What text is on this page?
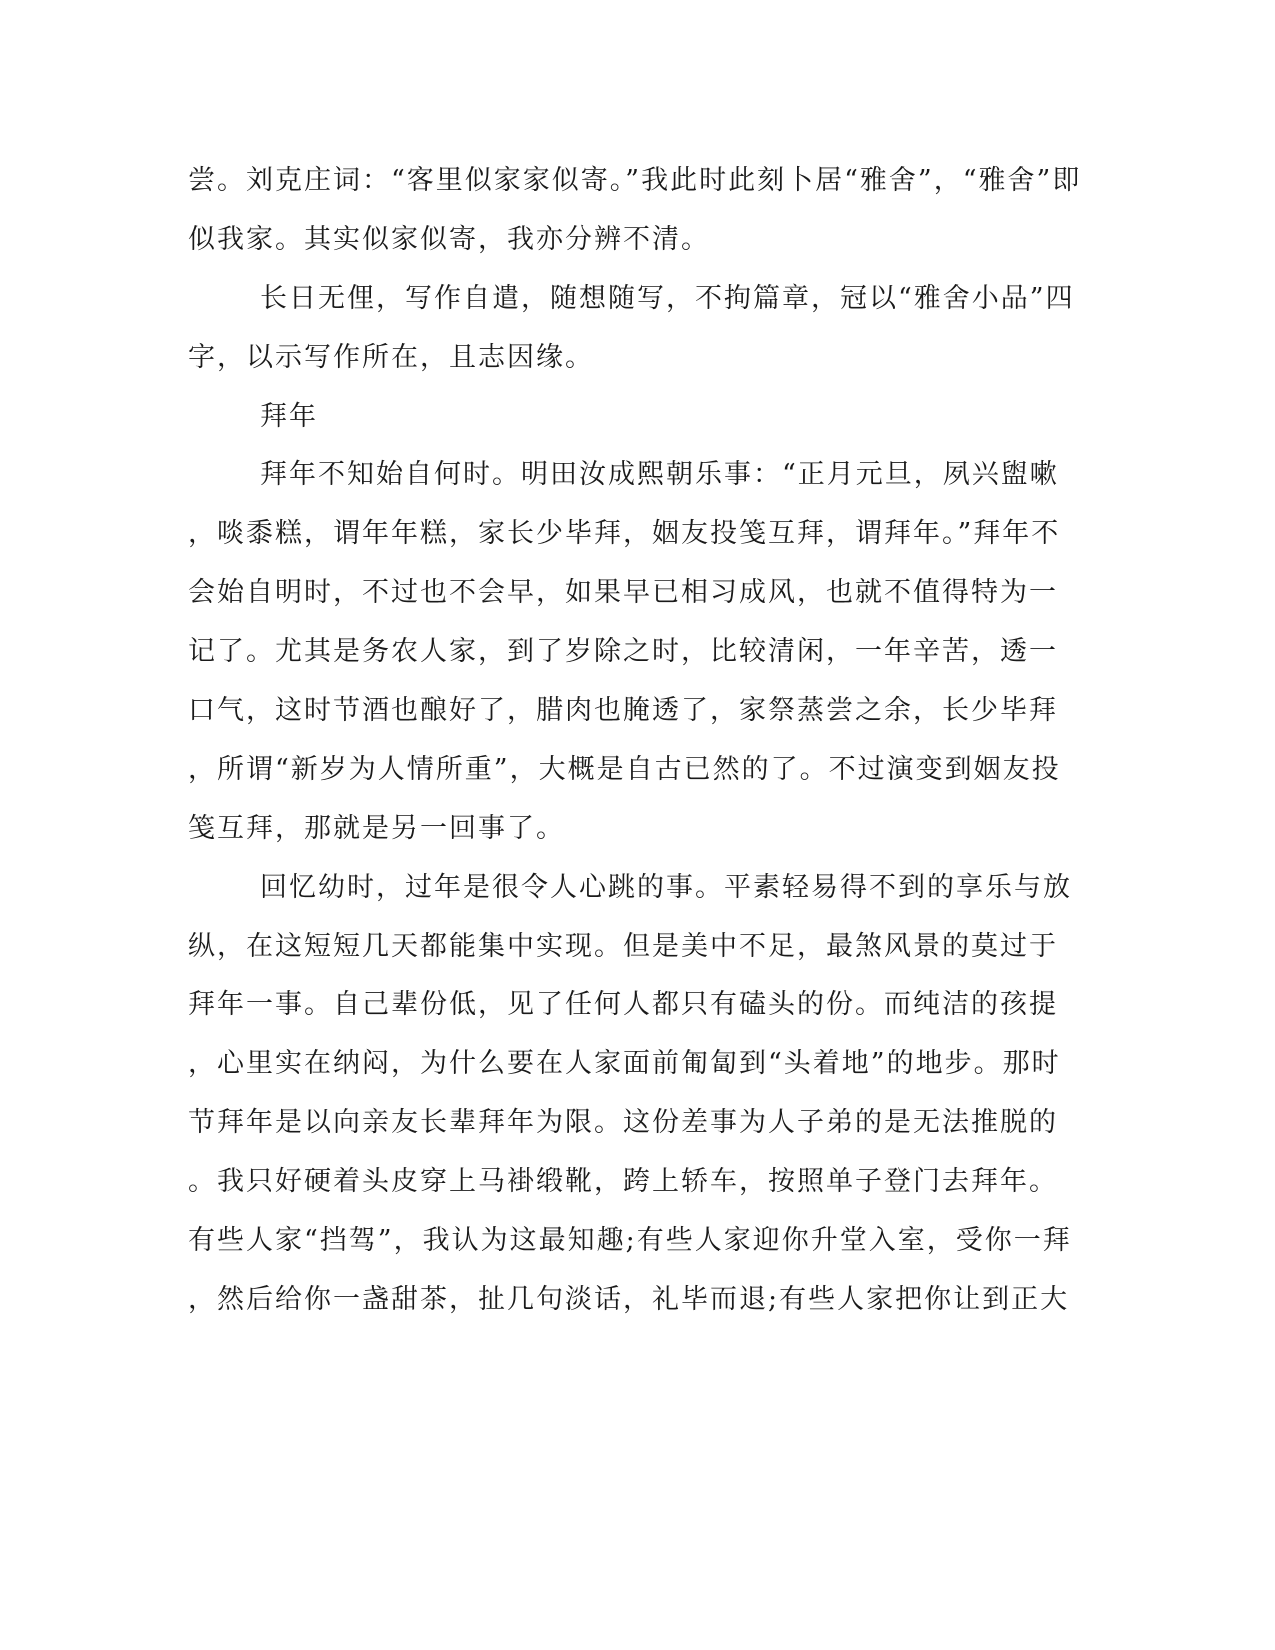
尝。刘克庄词：“客里似家家似寄。”我此时此刻卜居“雅舍”，“雅舍”即
似我家。其实似家似寄，我亦分辨不清。
长日无俚，写作自遣，随想随写，不拘篇章，冠以“雅舍小品”四
字，以示写作所在，且志因缘。
拜年
拜年不知始自何时。明田汝成熙朝乐事：“正月元旦，夙兴盥嗽
，啖黍糕，谓年年糕，家长少毕拜，姻友投笺互拜，谓拜年。”拜年不
会始自明时，不过也不会早，如果早已相习成风，也就不值得特为一
记了。尤其是务农人家，到了岁除之时，比较清闲，一年辛苦，透一
口气，这时节酒也酿好了，腊肉也腌透了，家祭蒸尝之余，长少毕拜
，所谓“新岁为人情所重”，大概是自古已然的了。不过演变到姻友投
笺互拜，那就是另一回事了。
回忆幼时，过年是很令人心跳的事。平素轻易得不到的享乐与放
纵，在这短短几天都能集中实现。但是美中不足，最煞风景的莫过于
拜年一事。自己辈份低，见了任何人都只有磕头的份。而纯洁的孩提
，心里实在纳闷，为什么要在人家面前匍匐到“头着地”的地步。那时
节拜年是以向亲友长辈拜年为限。这份差事为人子弟的是无法推脱的
。我只好硬着头皮穿上马褂缎靴，跨上轿车，按照单子登门去拜年。
有些人家“挡驾”，我认为这最知趣;有些人家迎你升堂入室，受你一拜
，然后给你一盏甜茶，扯几句淡话，礼毕而退;有些人家把你让到正大
